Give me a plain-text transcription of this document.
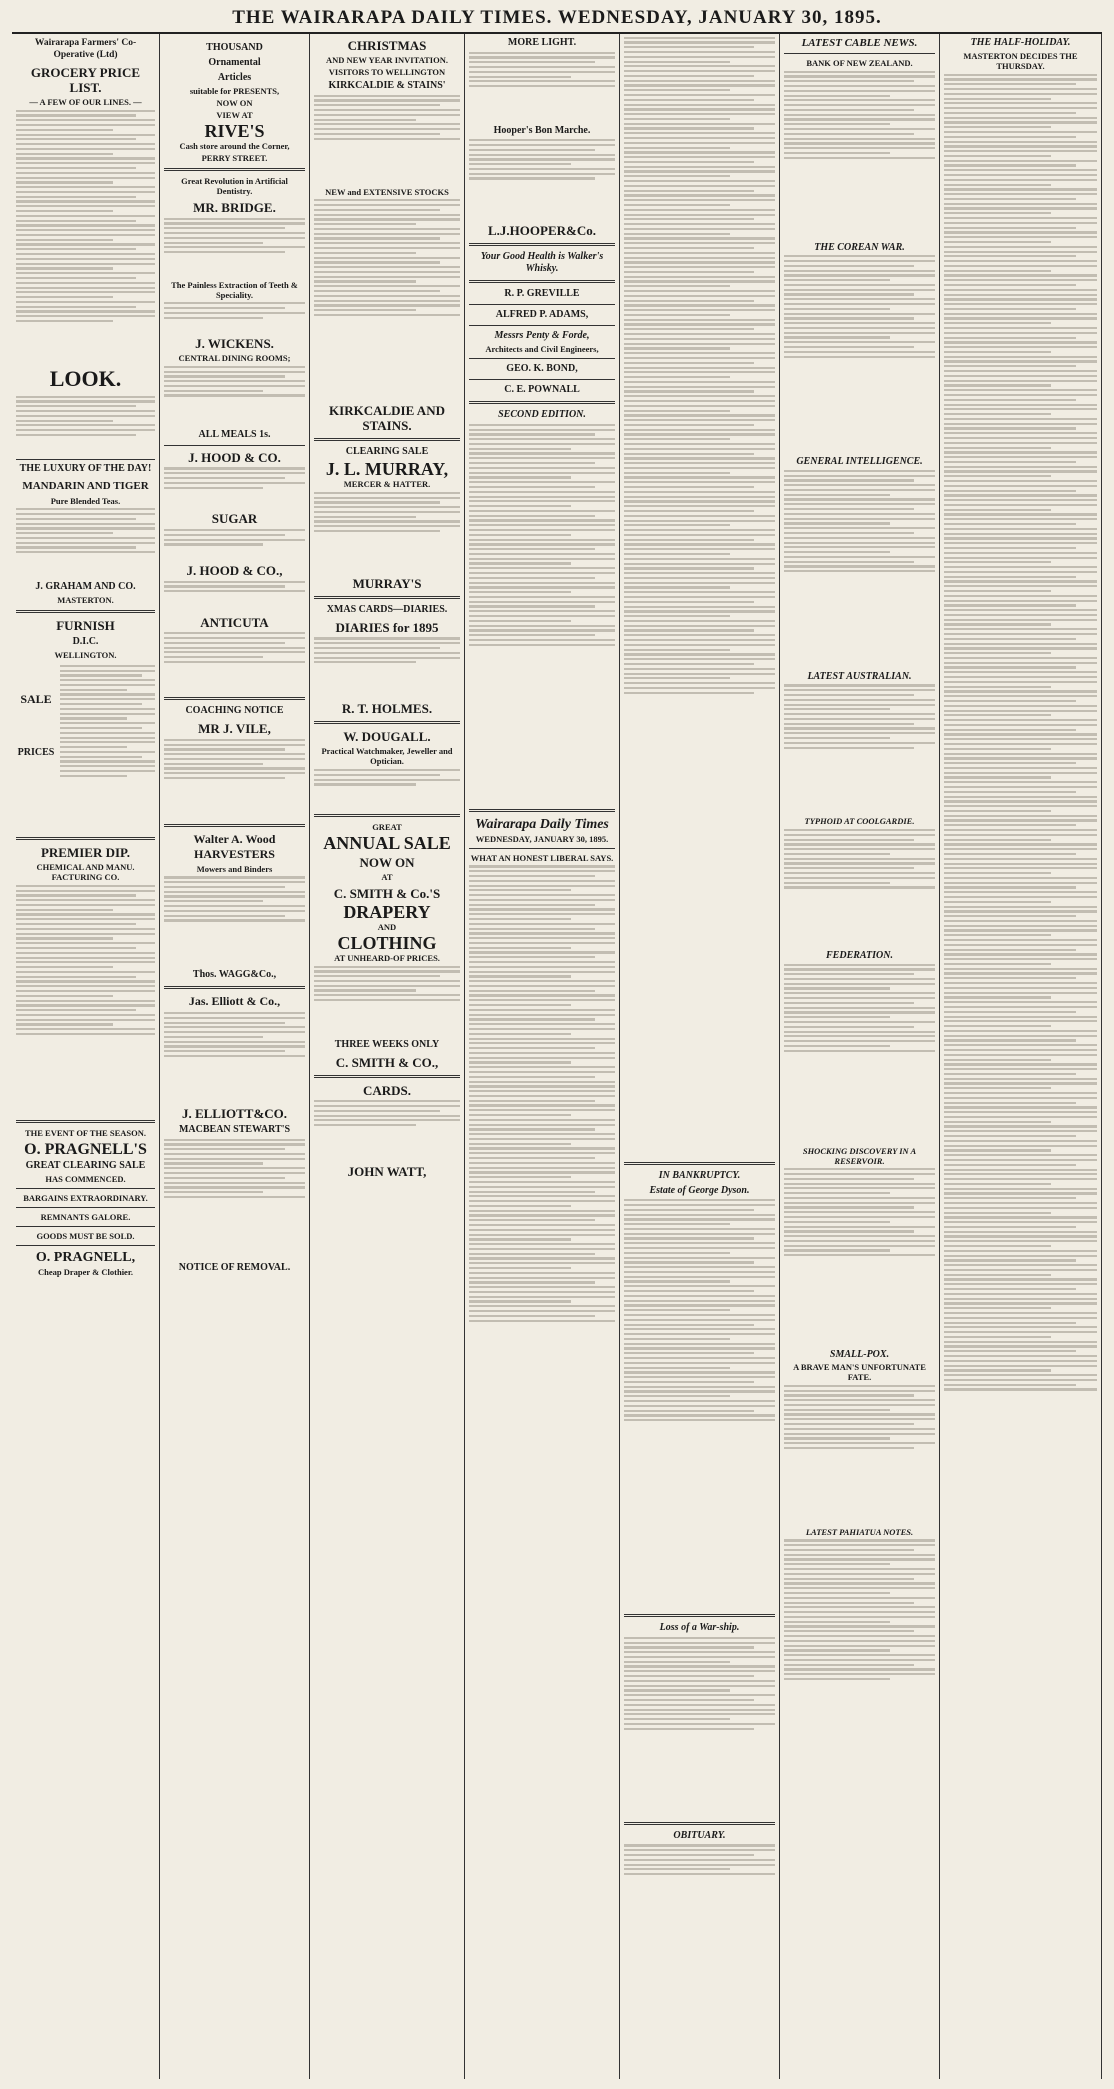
THE WAIRARAPA DAILY TIMES. WEDNESDAY, JANUARY 30, 1895.
Wairarapa Farmers' Co-Operative (Ltd)
GROCERY PRICE LIST.
— A FEW OF OUR LINES. —
LOOK.
THE LUXURY OF THE DAY!
MANDARIN AND TIGER
Pure Blended Teas.
J. GRAHAM AND CO.
MASTERTON.
FURNISH
D.I.C.
WELLINGTON.
SALE
PRICES
PREMIER DIP.
CHEMICAL AND MANU. FACTURING CO.
THE EVENT OF THE SEASON.
O. PRAGNELL'S
GREAT CLEARING SALE
HAS COMMENCED.
BARGAINS EXTRAORDINARY.
REMNANTS GALORE.
GOODS MUST BE SOLD.
O. PRAGNELL,
Cheap Draper & Clothier.
THOUSAND
Ornamental
Articles
suitable for PRESENTS,
NOW ON
VIEW AT
RIVE'S
Cash store around the Corner,
PERRY STREET.
Great Revolution in Artificial Dentistry.
MR. BRIDGE.
The Painless Extraction of Teeth & Speciality.
J. WICKENS.
CENTRAL DINING ROOMS;
ALL MEALS 1s.
J. HOOD & CO.
SUGAR
J. HOOD & CO.,
ANTICUTA
COACHING NOTICE
MR J. VILE,
Walter A. Wood HARVESTERS
Mowers and Binders
Thos. WAGG&Co.,
Jas. Elliott & Co.,
J. ELLIOTT&CO.
MACBEAN STEWART'S
NOTICE OF REMOVAL.
CHRISTMAS
AND NEW YEAR INVITATION.
VISITORS TO WELLINGTON
KIRKCALDIE & STAINS'
NEW and EXTENSIVE STOCKS
KIRKCALDIE AND STAINS.
CLEARING SALE
J. L. MURRAY,
MERCER & HATTER.
MURRAY'S
XMAS CARDS—DIARIES.
DIARIES for 1895
R. T. HOLMES.
W. DOUGALL.
Practical Watchmaker, Jeweller and Optician.
GREAT
ANNUAL SALE
NOW ON
AT
C. SMITH & Co.'S
DRAPERY
AND
CLOTHING
AT UNHEARD-OF PRICES.
THREE WEEKS ONLY
C. SMITH & CO.,
CARDS.
JOHN WATT,
MORE LIGHT.
Hooper's Bon Marche.
L.J.HOOPER&Co.
Your Good Health is Walker's Whisky.
R. P. GREVILLE
ALFRED P. ADAMS,
Messrs Penty & Forde,
Architects and Civil Engineers,
GEO. K. BOND,
C. E. POWNALL
SECOND EDITION.
Wairarapa Daily Times
WEDNESDAY, JANUARY 30, 1895.
WHAT AN HONEST LIBERAL SAYS.
IN BANKRUPTCY.
Estate of George Dyson.
Loss of a War-ship.
OBITUARY.
LATEST CABLE NEWS.
BANK OF NEW ZEALAND.
THE COREAN WAR.
GENERAL INTELLIGENCE.
LATEST AUSTRALIAN.
TYPHOID AT COOLGARDIE.
FEDERATION.
SHOCKING DISCOVERY IN A RESERVOIR.
SMALL-POX.
A BRAVE MAN'S UNFORTUNATE FATE.
LATEST PAHIATUA NOTES.
THE HALF-HOLIDAY.
MASTERTON DECIDES THE THURSDAY.
